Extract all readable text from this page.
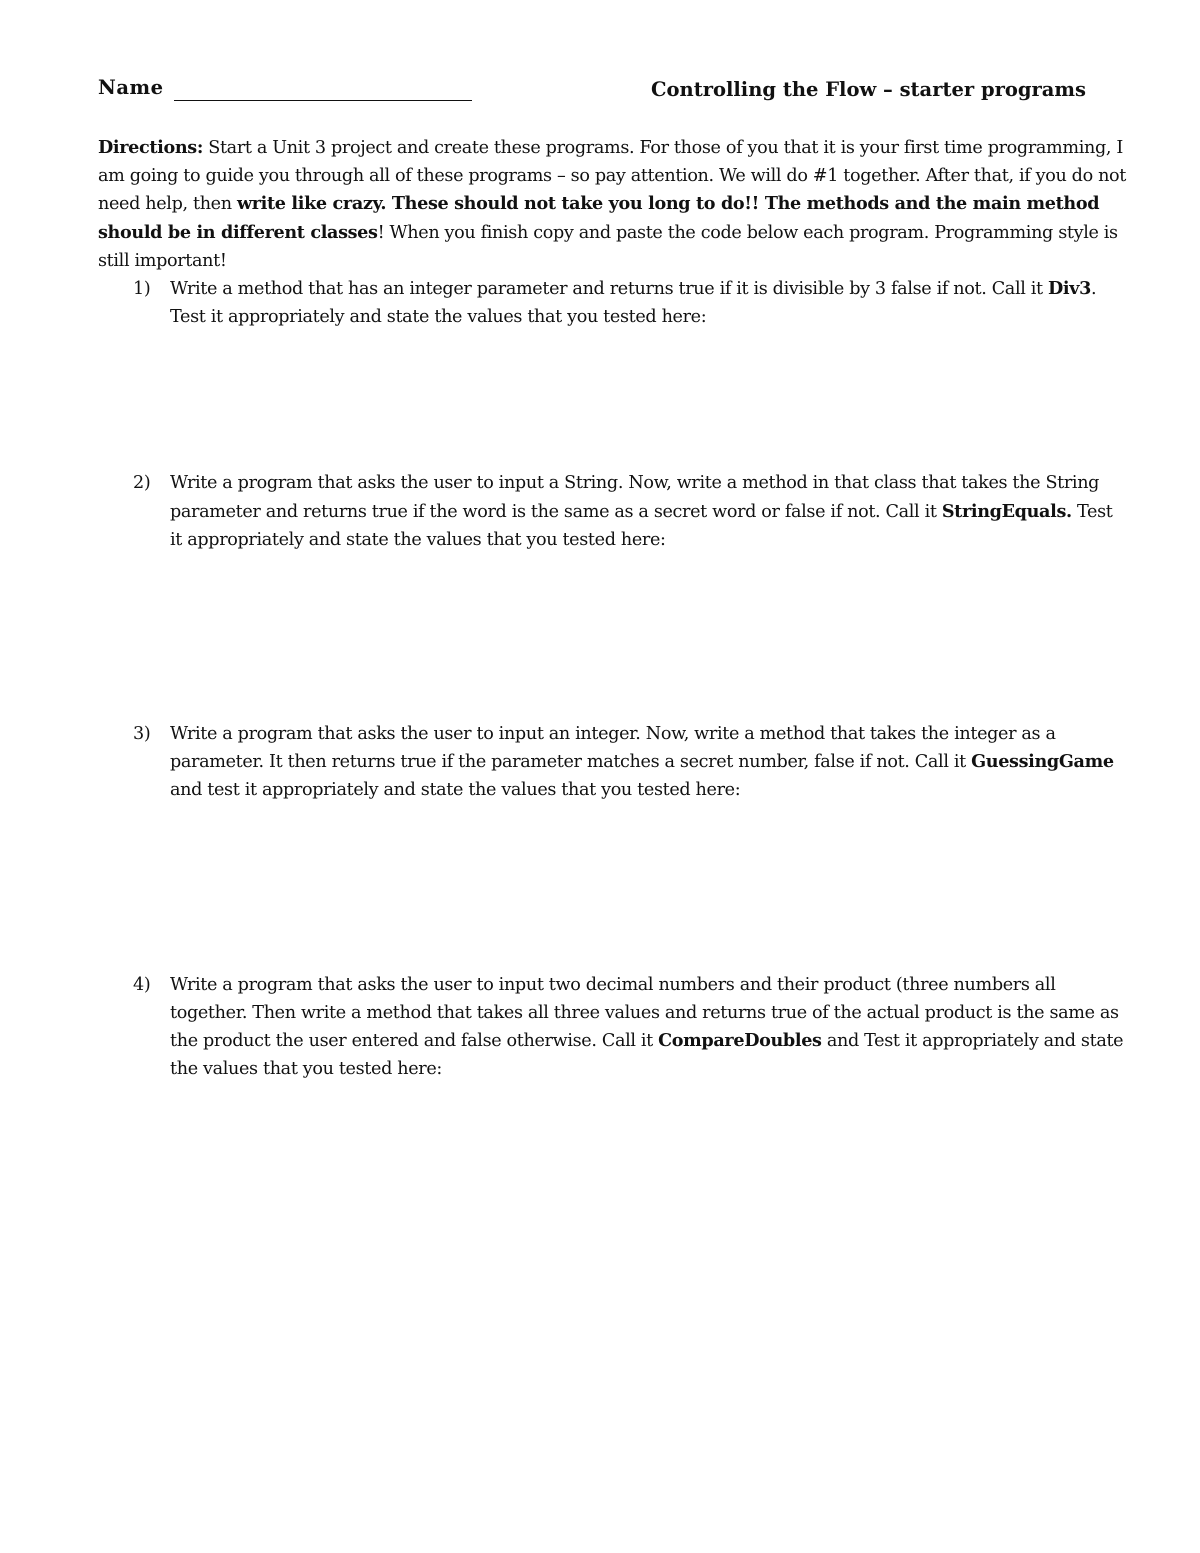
Name	Controlling the Flow – starter programs
Directions: Start a Unit 3 project and create these programs. For those of you that it is your first time programming, I am going to guide you through all of these programs – so pay attention. We will do #1 together. After that, if you do not need help, then write like crazy. These should not take you long to do!! The methods and the main method should be in different classes! When you finish copy and paste the code below each program. Programming style is still important!
1) Write a method that has an integer parameter and returns true if it is divisible by 3 false if not. Call it Div3. Test it appropriately and state the values that you tested here:
2) Write a program that asks the user to input a String. Now, write a method in that class that takes the String parameter and returns true if the word is the same as a secret word or false if not. Call it StringEquals. Test it appropriately and state the values that you tested here:
3) Write a program that asks the user to input an integer. Now, write a method that takes the integer as a parameter. It then returns true if the parameter matches a secret number, false if not. Call it GuessingGame and test it appropriately and state the values that you tested here:
4) Write a program that asks the user to input two decimal numbers and their product (three numbers all together. Then write a method that takes all three values and returns true of the actual product is the same as the product the user entered and false otherwise. Call it CompareDoubles and Test it appropriately and state the values that you tested here:
